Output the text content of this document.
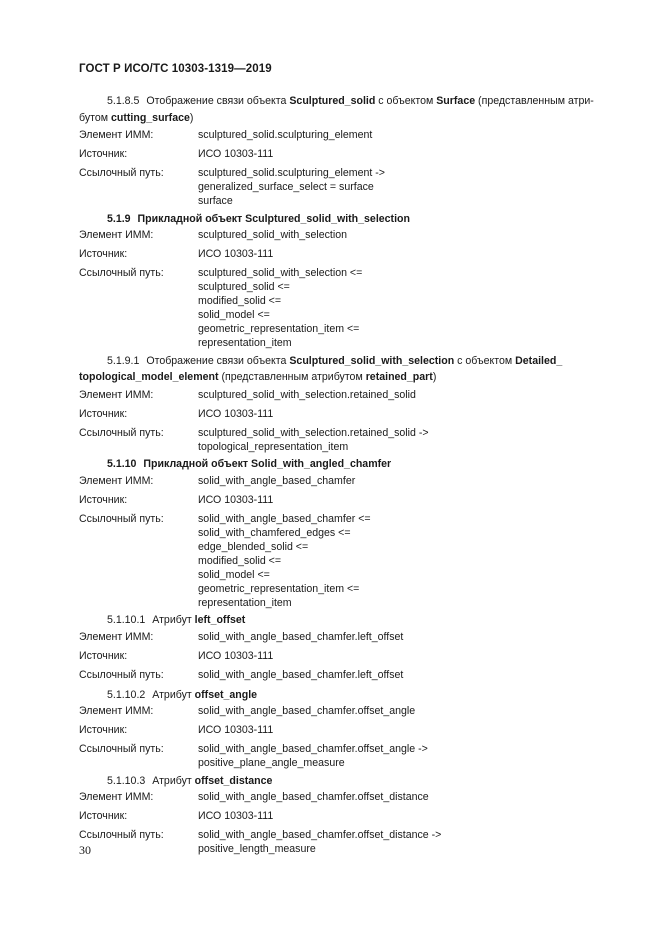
ГОСТ Р ИСО/ТС 10303-1319—2019
5.1.8.5 Отображение связи объекта Sculptured_solid с объектом Surface (представленным атри-
бутом cutting_surface)
Элемент ИММ:	sculptured_solid.sculpturing_element
Источник:	ИСО 10303-111
Ссылочный путь:	sculptured_solid.sculpturing_element ->
generalized_surface_select = surface
surface
5.1.9 Прикладной объект Sculptured_solid_with_selection
Элемент ИММ:	sculptured_solid_with_selection
Источник:	ИСО 10303-111
Ссылочный путь:	sculptured_solid_with_selection <=
sculptured_solid <=
modified_solid <=
solid_model <=
geometric_representation_item <=
representation_item
5.1.9.1 Отображение связи объекта Sculptured_solid_with_selection с объектом Detailed_
topological_model_element (представленным атрибутом retained_part)
Элемент ИММ:	sculptured_solid_with_selection.retained_solid
Источник:	ИСО 10303-111
Ссылочный путь:	sculptured_solid_with_selection.retained_solid ->
topological_representation_item
5.1.10 Прикладной объект Solid_with_angled_chamfer
Элемент ИММ:	solid_with_angle_based_chamfer
Источник:	ИСО 10303-111
Ссылочный путь:	solid_with_angle_based_chamfer <=
solid_with_chamfered_edges <=
edge_blended_solid <=
modified_solid <=
solid_model <=
geometric_representation_item <=
representation_item
5.1.10.1 Атрибут left_offset
Элемент ИММ:	solid_with_angle_based_chamfer.left_offset
Источник:	ИСО 10303-111
Ссылочный путь:	solid_with_angle_based_chamfer.left_offset
5.1.10.2 Атрибут offset_angle
Элемент ИММ:	solid_with_angle_based_chamfer.offset_angle
Источник:	ИСО 10303-111
Ссылочный путь:	solid_with_angle_based_chamfer.offset_angle ->
positive_plane_angle_measure
5.1.10.3 Атрибут offset_distance
Элемент ИММ:	solid_with_angle_based_chamfer.offset_distance
Источник:	ИСО 10303-111
Ссылочный путь:	solid_with_angle_based_chamfer.offset_distance ->
positive_length_measure
30
